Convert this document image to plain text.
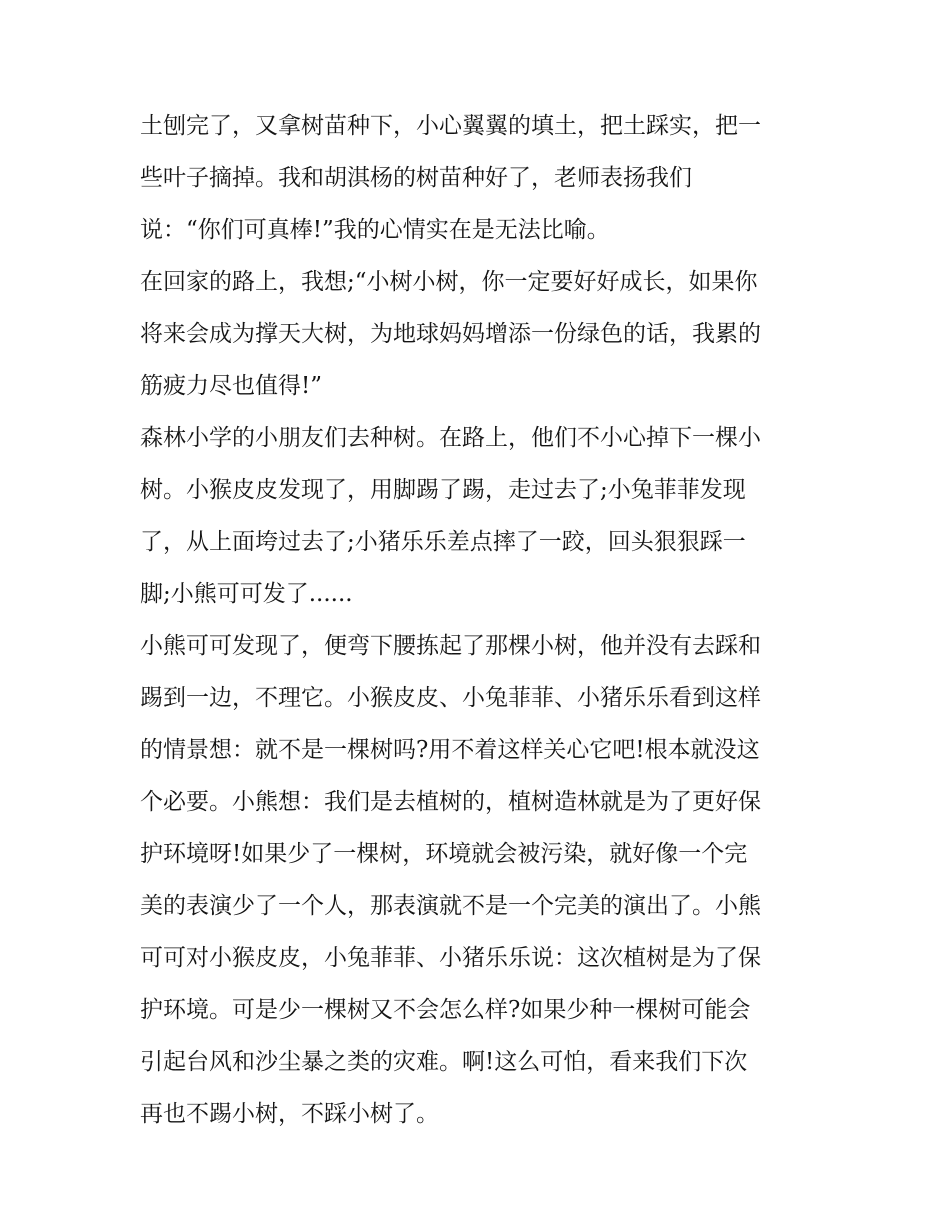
土刨完了，又拿树苗种下，小心翼翼的填土，把土踩实，把一
些叶子摘掉。我和胡淇杨的树苗种好了，老师表扬我们
说：“你们可真棒!”我的心情实在是无法比喻。
在回家的路上，我想;“小树小树，你一定要好好成长，如果你
将来会成为撑天大树，为地球妈妈增添一份绿色的话，我累的
筋疲力尽也值得!”
森林小学的小朋友们去种树。在路上，他们不小心掉下一棵小
树。小猴皮皮发现了，用脚踢了踢，走过去了;小兔菲菲发现
了，从上面垮过去了;小猪乐乐差点摔了一跤，回头狠狠踩一
脚;小熊可可发了......
小熊可可发现了，便弯下腰拣起了那棵小树，他并没有去踩和
踢到一边，不理它。小猴皮皮、小兔菲菲、小猪乐乐看到这样
的情景想：就不是一棵树吗?用不着这样关心它吧!根本就没这
个必要。小熊想：我们是去植树的，植树造林就是为了更好保
护环境呀!如果少了一棵树，环境就会被污染，就好像一个完
美的表演少了一个人，那表演就不是一个完美的演出了。小熊
可可对小猴皮皮，小兔菲菲、小猪乐乐说：这次植树是为了保
护环境。可是少一棵树又不会怎么样?如果少种一棵树可能会
引起台风和沙尘暴之类的灾难。啊!这么可怕，看来我们下次
再也不踢小树，不踩小树了。
